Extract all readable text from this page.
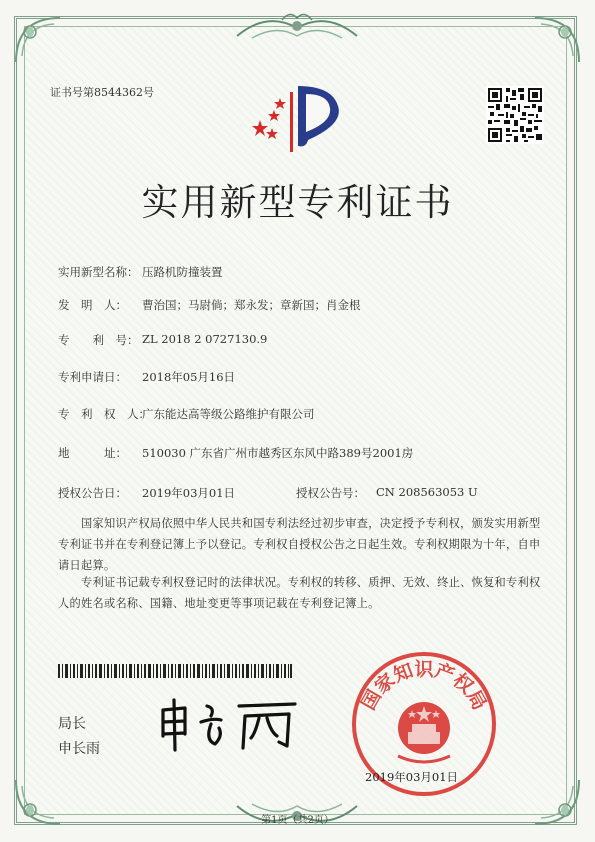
证书号第8544362号
实用新型专利证书
实用新型名称： 压路机防撞装置
发　明　人： 曹治国；马尉倘；郑永发；章新国；肖金根
专　　利　号： ZL 2018 2 0727130.9
专利申请日： 2018年05月16日
专　利　权　人：
广东能达高等级公路维护有限公司
地　　　址： 510030 广东省广州市越秀区东风中路389号2001房
授权公告日： 2019年03月01日	授权公告号： CN 208563053 U
国家知识产权局依照中华人民共和国专利法经过初步审查，决定授予专利权，颁发实用新型专利证书并在专利登记簿上予以登记。专利权自授权公告之日起生效。专利权期限为十年，自申请日起算。
专利证书记载专利权登记时的法律状况。专利权的转移、质押、无效、终止、恢复和专利权人的姓名或名称、国籍、地址变更等事项记载在专利登记簿上。
局长
申长雨
国家知识产权局
2019年03月01日
第1页（共2页）
